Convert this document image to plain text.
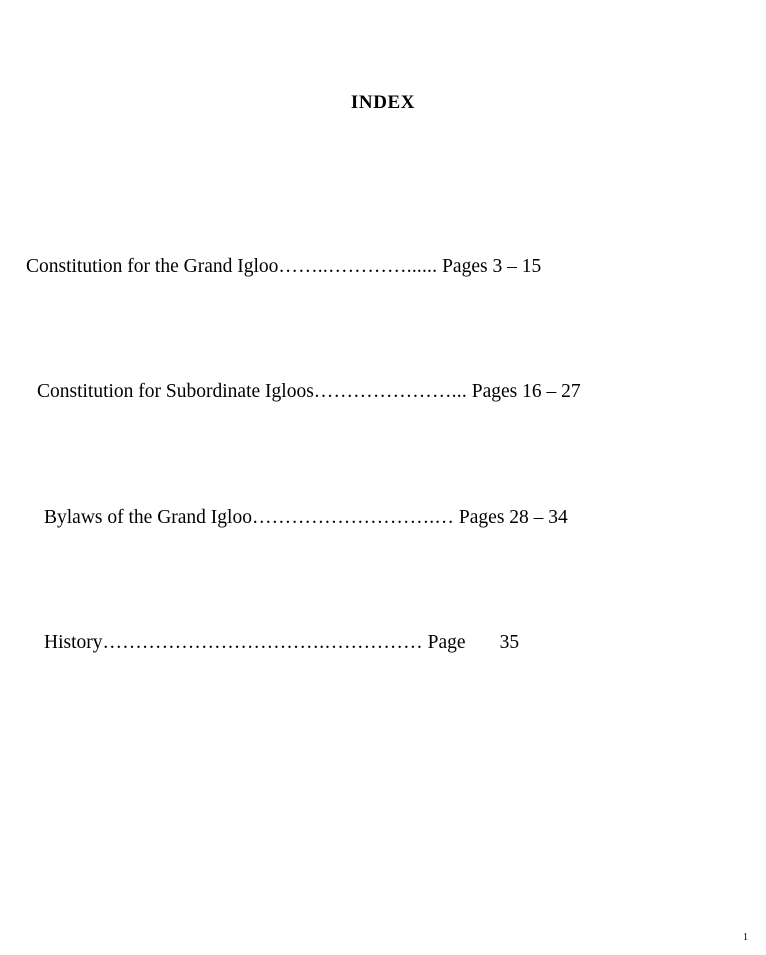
INDEX
Constitution for the Grand Igloo……..…………...... Pages 3 – 15
Constitution for Subordinate Igloos…………………... Pages 16 – 27
Bylaws of the Grand Igloo……………………….… Pages 28 – 34
History…………………………….…………… Page 35
1
